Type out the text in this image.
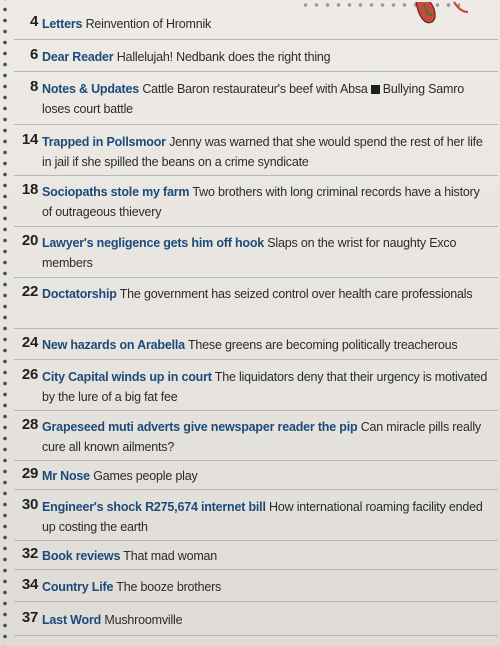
4 Letters Reinvention of Hromnik
6 Dear Reader Hallelujah! Nedbank does the right thing
8 Notes & Updates Cattle Baron restaurateur's beef with Absa Bullying Samro loses court battle
14 Trapped in Pollsmoor Jenny was warned that she would spend the rest of her life in jail if she spilled the beans on a crime syndicate
18 Sociopaths stole my farm Two brothers with long criminal records have a history of outrageous thievery
20 Lawyer's negligence gets him off hook Slaps on the wrist for naughty Exco members
22 Doctatorship The government has seized control over health care professionals
24 New hazards on Arabella These greens are becoming politically treacherous
26 City Capital winds up in court The liquidators deny that their urgency is motivated by the lure of a big fat fee
28 Grapeseed muti adverts give newspaper reader the pip Can miracle pills really cure all known ailments?
29 Mr Nose Games people play
30 Engineer's shock R275,674 internet bill How international roaming facility ended up costing the earth
32 Book reviews That mad woman
34 Country Life The booze brothers
37 Last Word Mushroomville
